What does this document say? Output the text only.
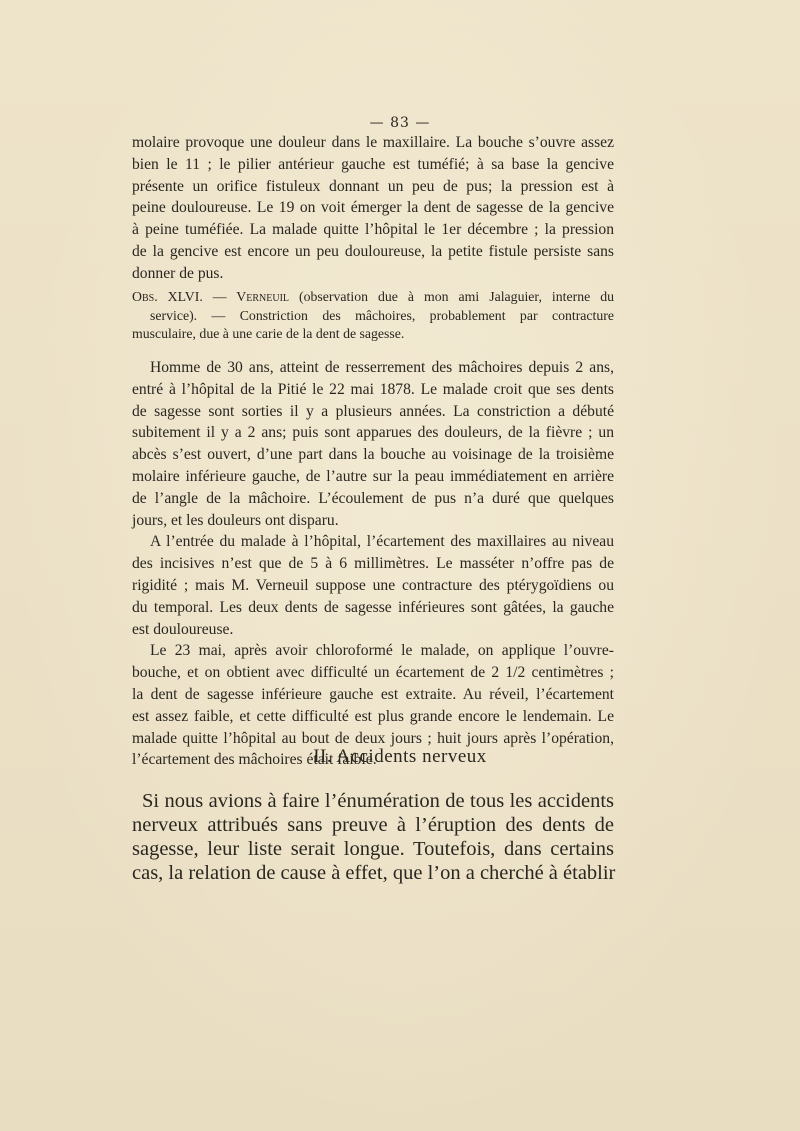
— 83 —
molaire provoque une douleur dans le maxillaire. La bouche s’ouvre assez
bien le 11 ; le pilier antérieur gauche est tuméfié; à sa base la gencive
présente un orifice fistuleux donnant un peu de pus; la pression est à
peine douloureuse. Le 19 on voit émerger la dent de sagesse de la gencive
à peine tuméfiée. La malade quitte l’hôpital le 1er décembre ; la pression
de la gencive est encore un peu douloureuse, la petite fistule persiste sans
donner de pus.
Obs. XLVI. — Verneuil (observation due à mon ami Jalaguier, interne du
service). — Constriction des mâchoires, probablement par contracture
musculaire, due à une carie de la dent de sagesse.
Homme de 30 ans, atteint de resserrement des mâchoires depuis 2 ans,
entré à l’hôpital de la Pitié le 22 mai 1878. Le malade croit que ses dents
de sagesse sont sorties il y a plusieurs années. La constriction a débuté
subitement il y a 2 ans; puis sont apparues des douleurs, de la fièvre ; un
abcès s’est ouvert, d’une part dans la bouche au voisinage de la troisième
molaire inférieure gauche, de l’autre sur la peau immédiatement en arrière
de l’angle de la mâchoire. L’écoulement de pus n’a duré que quelques
jours, et les douleurs ont disparu.
A l’entrée du malade à l’hôpital, l’écartement des maxillaires au niveau
des incisives n’est que de 5 à 6 millimètres. Le masséter n’offre pas de
rigidité ; mais M. Verneuil suppose une contracture des ptérygoïdiens ou
du temporal. Les deux dents de sagesse inférieures sont gâtées, la gauche
est douloureuse.
Le 23 mai, après avoir chloroformé le malade, on applique l’ouvre-
bouche, et on obtient avec difficulté un écartement de 2 1/2 centimètres ;
la dent de sagesse inférieure gauche est extraite. Au réveil, l’écartement
est assez faible, et cette difficulté est plus grande encore le lendemain. Le
malade quitte l’hôpital au bout de deux jours ; huit jours après l’opération,
l’écartement des mâchoires était faible.
II. Accidents nerveux
Si nous avions à faire l’énumération de tous les accidents
nerveux attribués sans preuve à l’éruption des dents de
sagesse, leur liste serait longue. Toutefois, dans certains
cas, la relation de cause à effet, que l’on a cherché à établir
